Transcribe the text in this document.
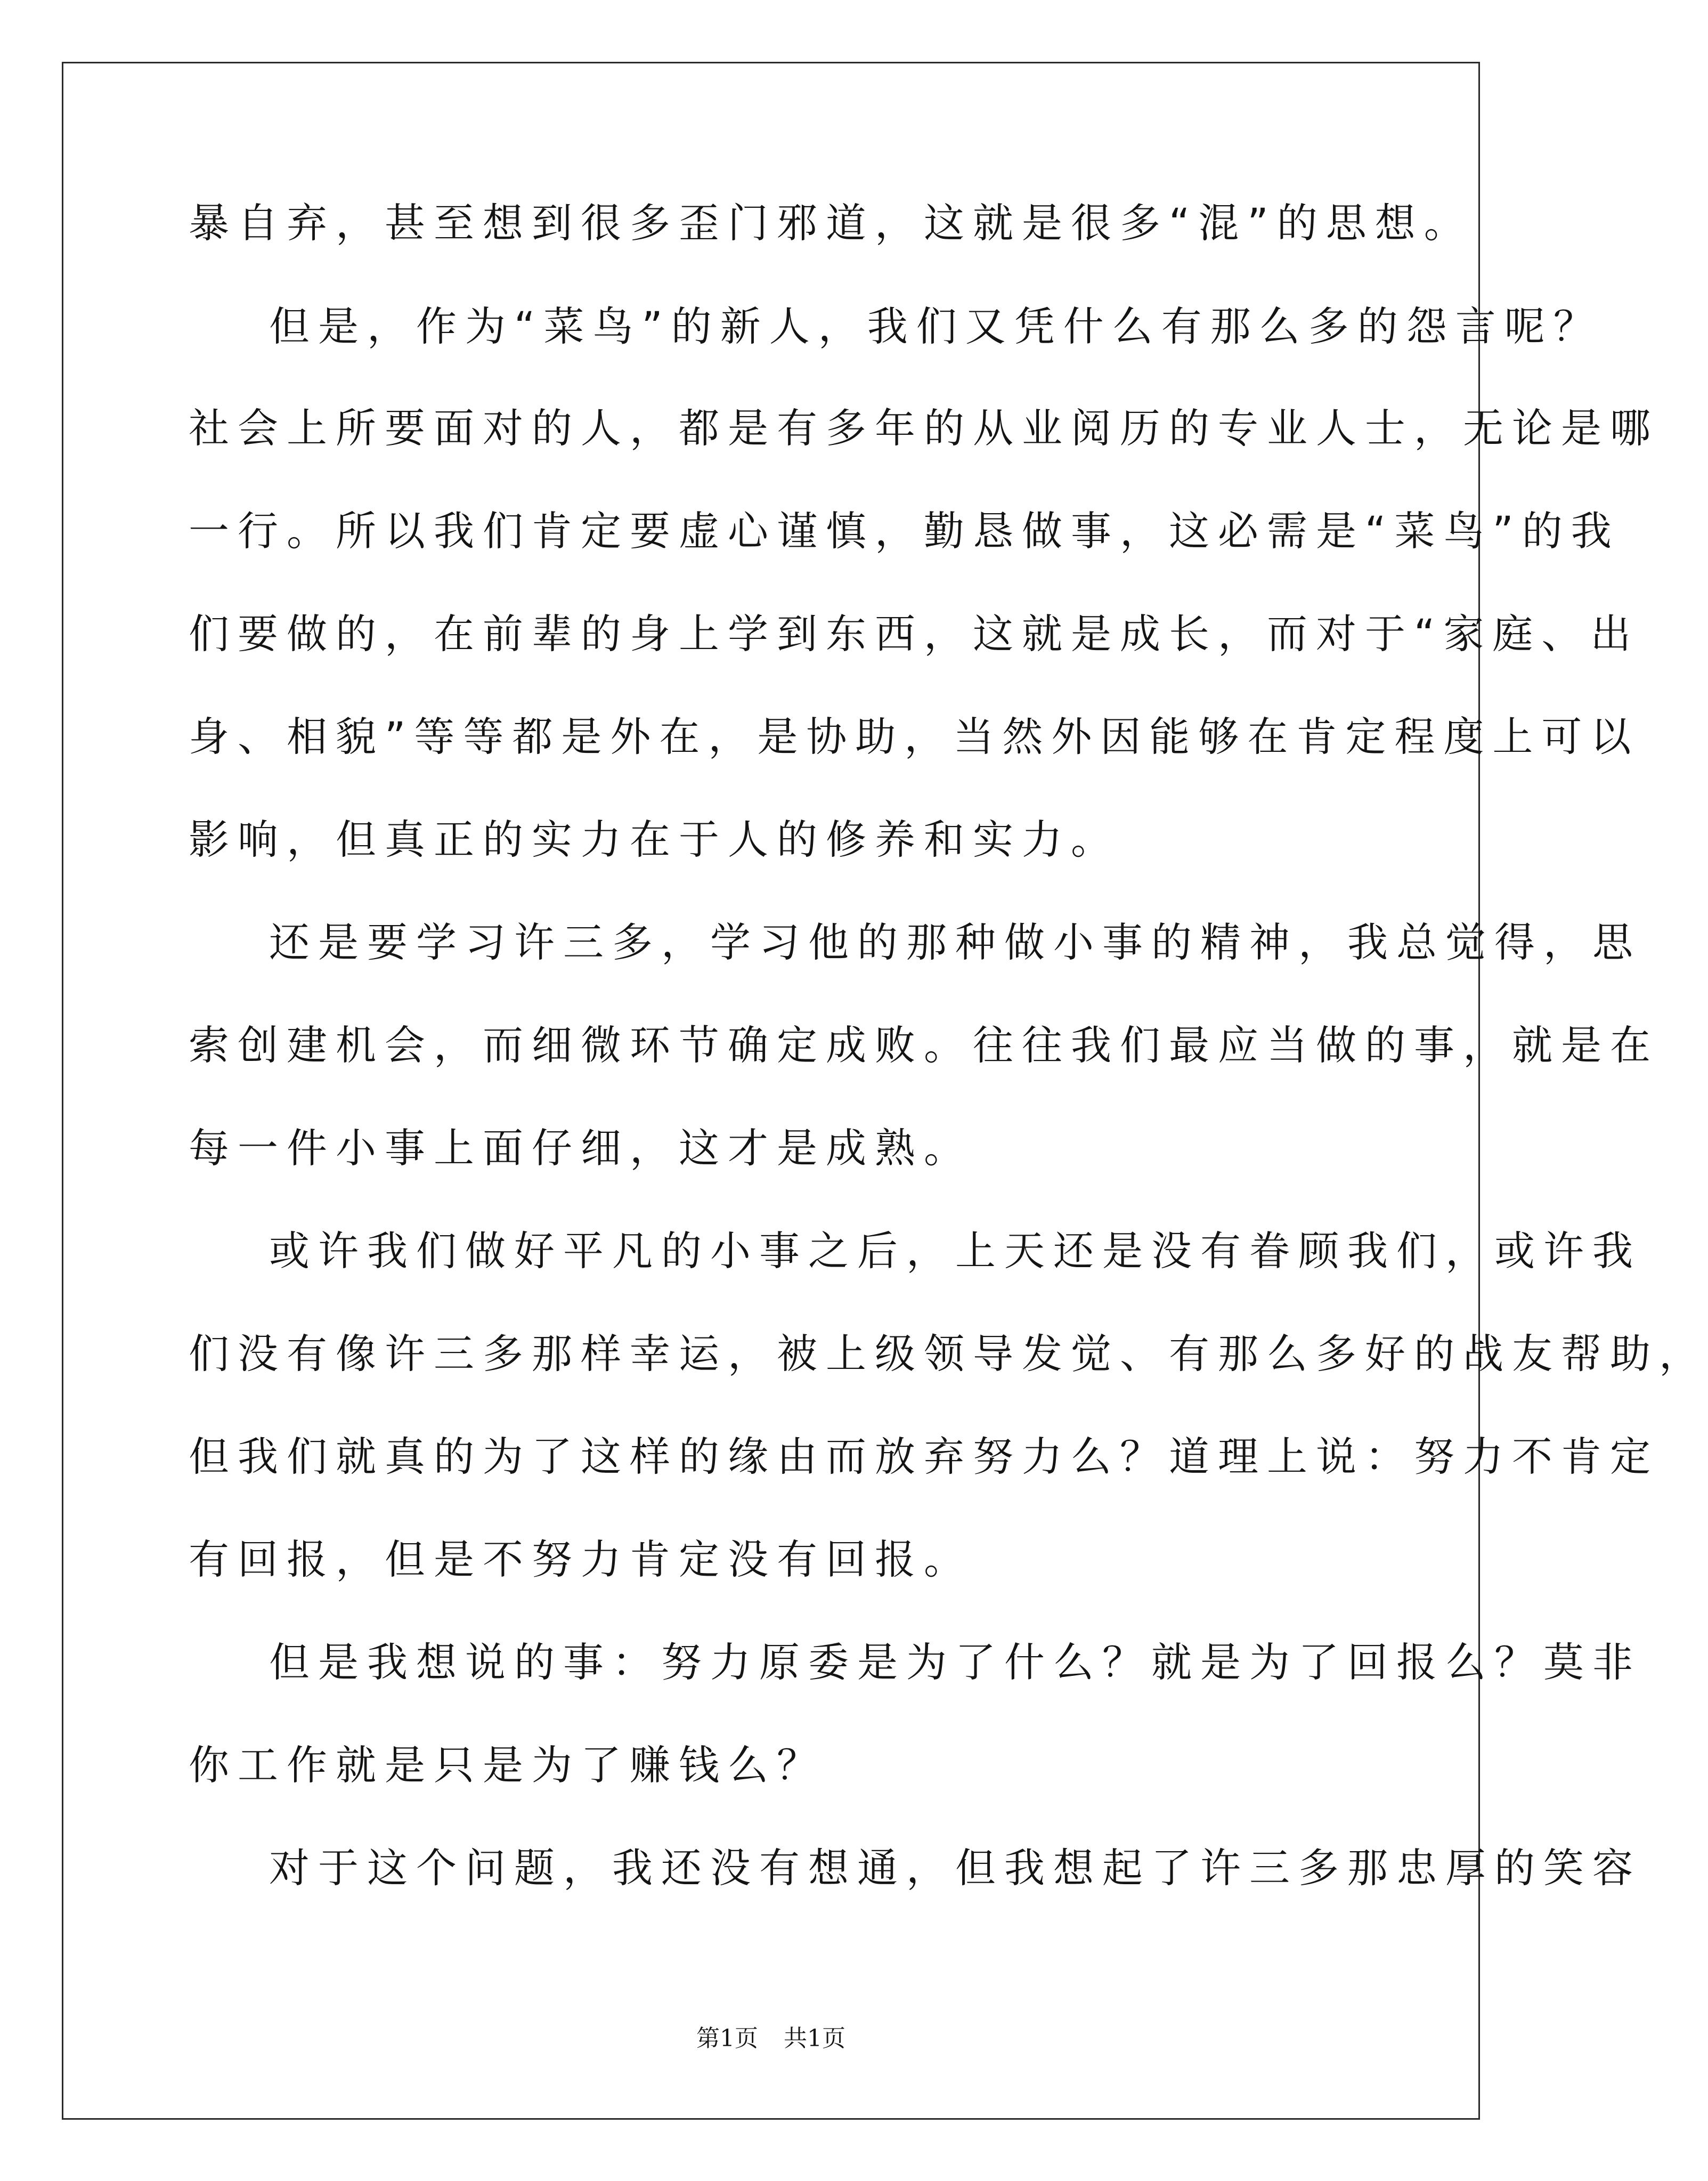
暴自弃，甚至想到很多歪门邪道，这就是很多“混”的思想。
但是，作为“菜鸟”的新人，我们又凭什么有那么多的怨言呢？
社会上所要面对的人，都是有多年的从业阅历的专业人士，无论是哪
一行。所以我们肯定要虚心谨慎，勤恳做事，这必需是“菜鸟”的我
们要做的，在前辈的身上学到东西，这就是成长，而对于“家庭、出
身、相貌”等等都是外在，是协助，当然外因能够在肯定程度上可以
影响，但真正的实力在于人的修养和实力。
还是要学习许三多，学习他的那种做小事的精神，我总觉得，思
索创建机会，而细微环节确定成败。往往我们最应当做的事，就是在
每一件小事上面仔细，这才是成熟。
或许我们做好平凡的小事之后，上天还是没有眷顾我们，或许我
们没有像许三多那样幸运，被上级领导发觉、有那么多好的战友帮助，
但我们就真的为了这样的缘由而放弃努力么？道理上说：努力不肯定
有回报，但是不努力肯定没有回报。
但是我想说的事：努力原委是为了什么？就是为了回报么？莫非
你工作就是只是为了赚钱么？
对于这个问题，我还没有想通，但我想起了许三多那忠厚的笑容
第1页 共1页
